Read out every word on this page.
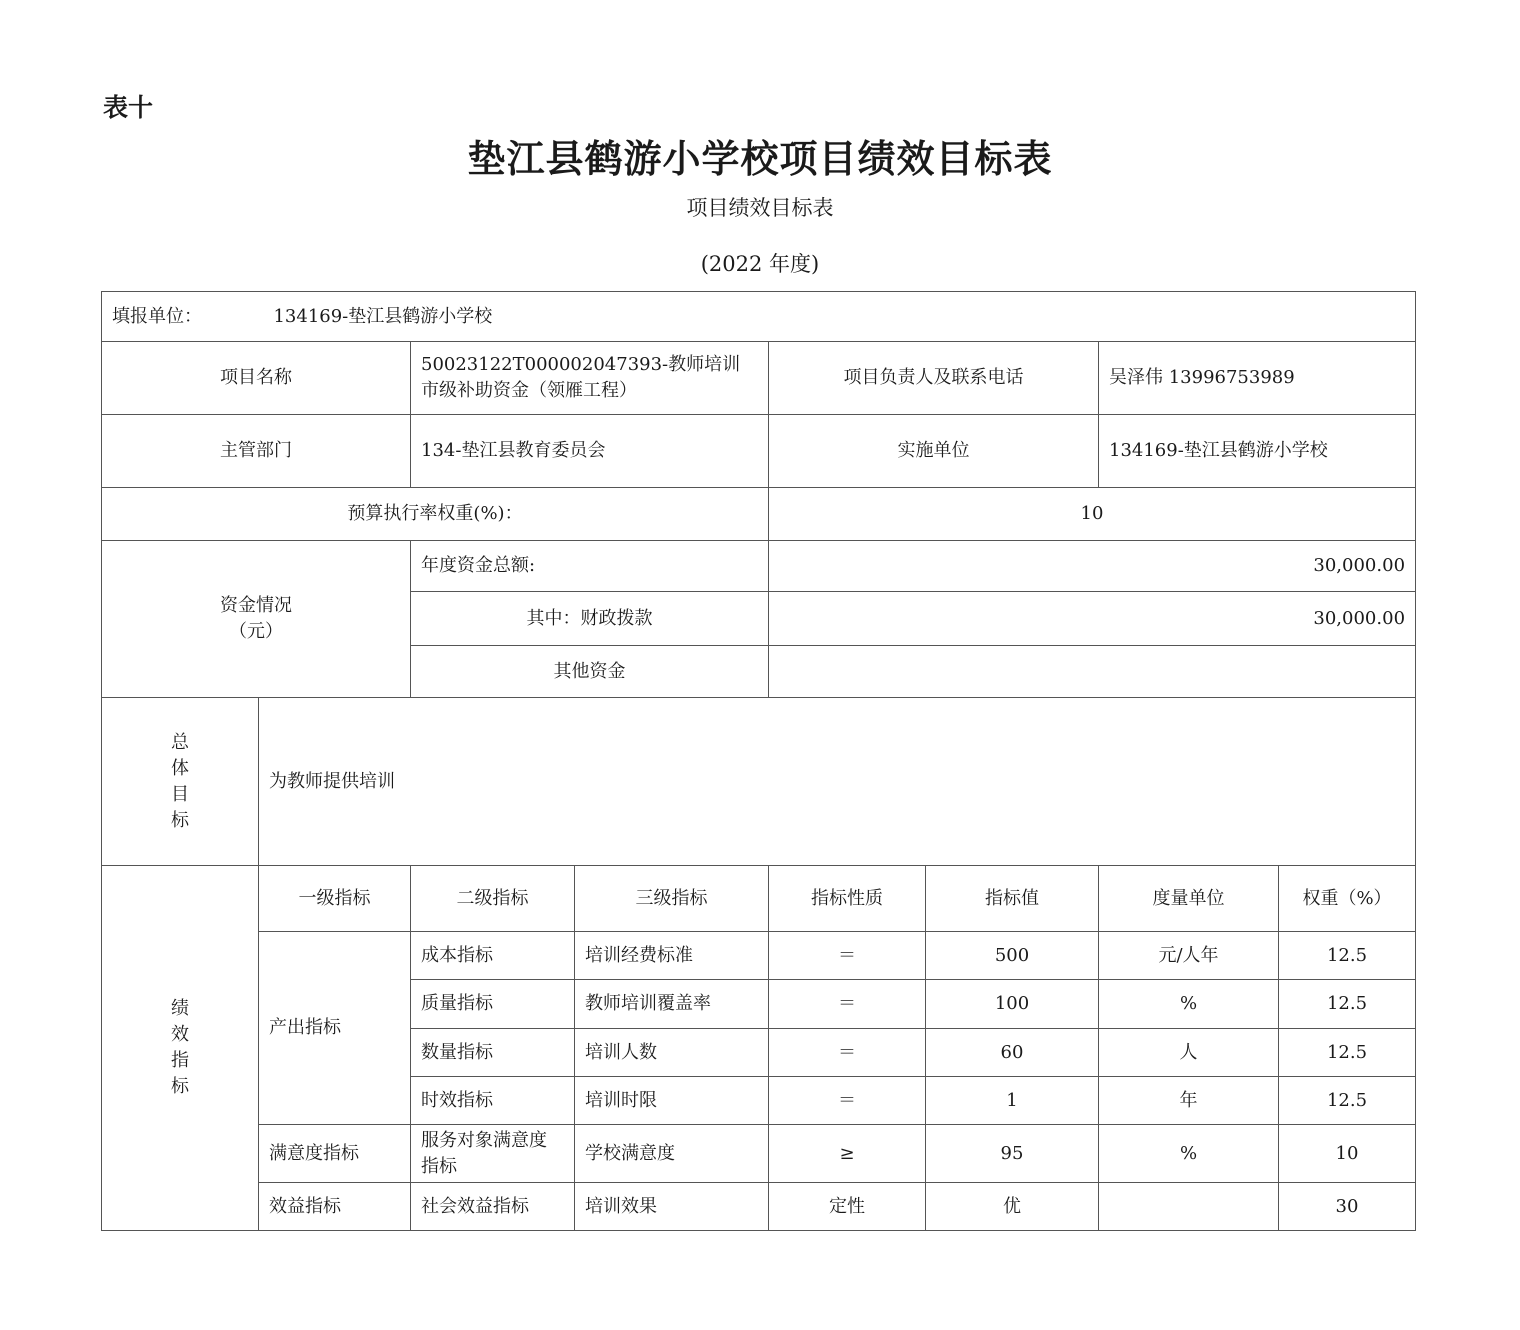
表十
垫江县鹤游小学校项目绩效目标表
项目绩效目标表
(2022 年度)
填报单位： 134169-垫江县鹤游小学校							
项目名称		50023122T000002047393-教师培训市级补助资金（领雁工程）		项目负责人及联系电话		吴泽伟 13996753989	
主管部门		134-垫江县教育委员会		实施单位		134169-垫江县鹤游小学校	
预算执行率权重(%)：				10			

资金情况
（元）		年度资金总额:		30,000.00			
		其中：财政拨款		30,000.00			
		其他资金					

总
体
目
标	为教师提供培训						

绩
效
指
标	一级指标	二级指标	三级指标	指标性质	指标值	度量单位	权重（%）
	产出指标	成本指标	培训经费标准	＝	500	元/人年	12.5
		质量指标	教师培训覆盖率	＝	100	%	12.5
		数量指标	培训人数	＝	60	人	12.5
		时效指标	培训时限	＝	1	年	12.5
	满意度指标	服务对象满意度指标	学校满意度	≥	95	%	10
	效益指标	社会效益指标	培训效果	定性	优		30
